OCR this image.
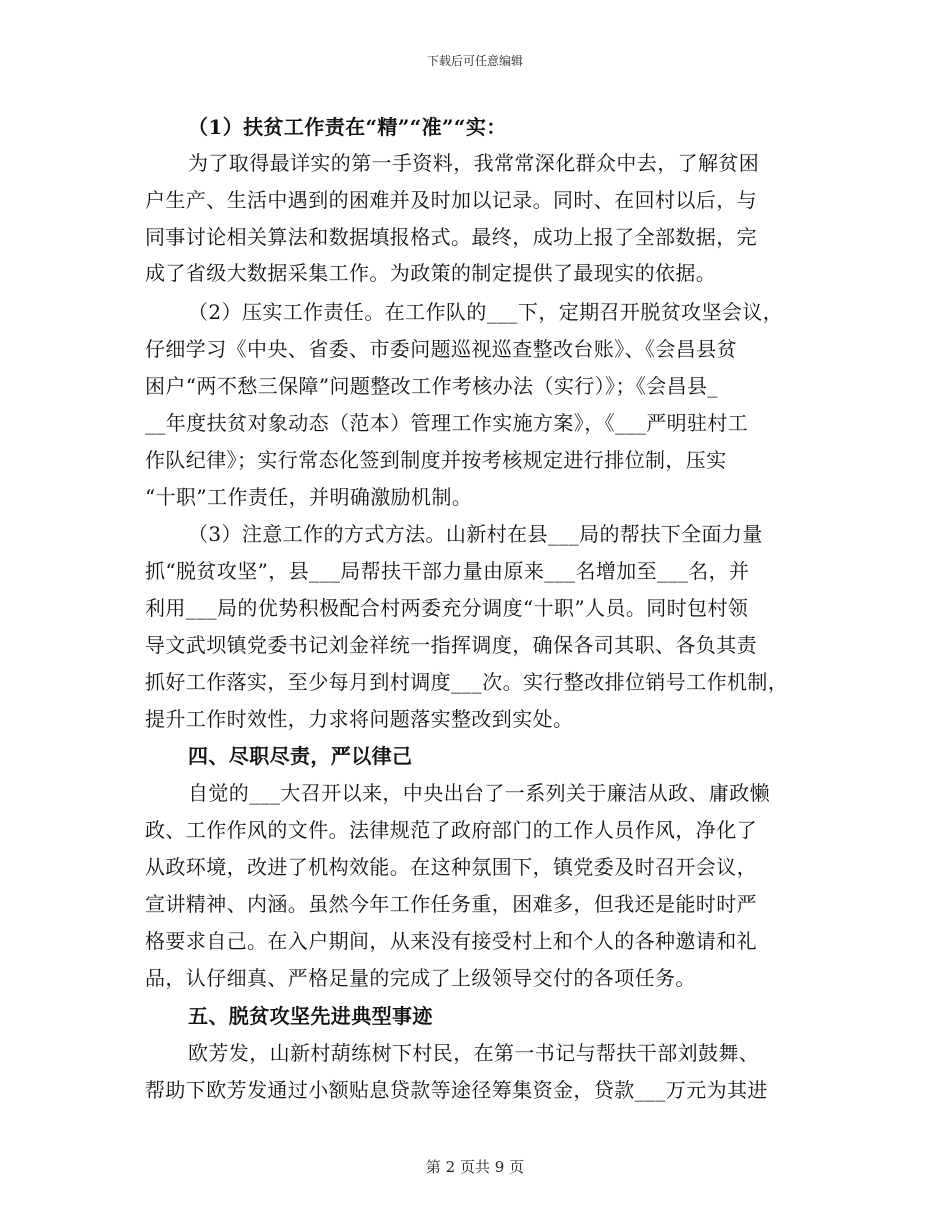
下载后可任意编辑
（1）扶贫工作责在“精”“准”“实：
为了取得最详实的第一手资料，我常常深化群众中去，了解贫困
户生产、生活中遇到的困难并及时加以记录。同时、在回村以后，与
同事讨论相关算法和数据填报格式。最终，成功上报了全部数据，完
成了省级大数据采集工作。为政策的制定提供了最现实的依据。
（2）压实工作责任。在工作队的___下，定期召开脱贫攻坚会议，
仔细学习《中央、省委、市委问题巡视巡查整改台账》、《会昌县贫
困户“两不愁三保障”问题整改工作考核办法（实行）》；《会昌县_
__年度扶贫对象动态（范本）管理工作实施方案》，《___严明驻村工
作队纪律》；实行常态化签到制度并按考核规定进行排位制，压实
“十职”工作责任，并明确激励机制。
（3）注意工作的方式方法。山新村在县___局的帮扶下全面力量
抓“脱贫攻坚”，县___局帮扶干部力量由原来___名增加至___名，并
利用___局的优势积极配合村两委充分调度“十职”人员。同时包村领
导文武坝镇党委书记刘金祥统一指挥调度，确保各司其职、各负其责
抓好工作落实，至少每月到村调度___次。实行整改排位销号工作机制，
提升工作时效性，力求将问题落实整改到实处。
四、尽职尽责，严以律己
自觉的___大召开以来，中央出台了一系列关于廉洁从政、庸政懒
政、工作作风的文件。法律规范了政府部门的工作人员作风，净化了
从政环境，改进了机构效能。在这种氛围下，镇党委及时召开会议，
宣讲精神、内涵。虽然今年工作任务重，困难多，但我还是能时时严
格要求自己。在入户期间，从来没有接受村上和个人的各种邀请和礼
品，认仔细真、严格足量的完成了上级领导交付的各项任务。
五、脱贫攻坚先进典型事迹
欧芳发，山新村葫练树下村民，在第一书记与帮扶干部刘鼓舞、
帮助下欧芳发通过小额贴息贷款等途径筹集资金，贷款___万元为其进
第 2 页共 9 页
